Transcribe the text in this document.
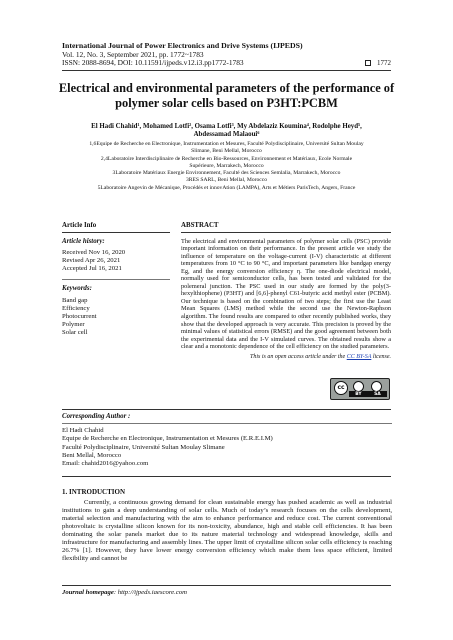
International Journal of Power Electronics and Drive Systems (IJPEDS)
Vol. 12, No. 3, September 2021, pp. 1772~1783
ISSN: 2088-8694, DOI: 10.11591/ijpeds.v12.i3.pp1772-1783	1772
Electrical and environmental parameters of the performance of
polymer solar cells based on P3HT:PCBM
El Hadi Chahid¹, Mohamed Lotfi², Osama Lotfi³, My Abdelaziz Koumina⁴, Rodolphe Heyd⁵,
Abdessamad Malaoui⁶
1,6Equipe de Recherche en Electronique, Instrumentation et Mesures, Faculté Polydisciplinaire, Université Sultan Moulay
Slimane, Beni Mellal, Morocco
2,4Laboratoire Interdisciplinaire de Recherche en Bio-Ressources, Environnement et Matériaux, Ecole Normale
Supérieure, Marrakech, Morocco
3Laboratoire Matériaux Energie Environnement, Faculté des Sciences Semlalia, Marrakech, Morocco
3RES SARL, Beni Mellal, Morocco
5Laboratoire Angevin de Mécanique, Procédés et innovAtion (LAMPA), Arts et Métiers ParisTech, Angers, France
Article Info
Article history:
Received Nov 16, 2020
Revised Apr 26, 2021
Accepted Jul 16, 2021
Keywords:
Band gap
Efficiency
Photocurrent
Polymer
Solar cell
ABSTRACT
The electrical and environmental parameters of polymer solar cells (PSC) provide important information on their performance. In the present article we study the influence of temperature on the voltage-current (I-V) characteristic at different temperatures from 10 °C to 90 °C, and important parameters like bandgap energy Eg, and the energy conversion efficiency η. The one-diode electrical model, normally used for semiconductor cells, has been tested and validated for the polemeral junction. The PSC used in our study are formed by the poly(3-hexylthiophene) (P3HT) and [6,6]-phenyl C61-butyric acid methyl ester (PCBM). Our technique is based on the combination of two steps; the first use the Least Mean Squares (LMS) method while the second use the Newton-Raphson algorithm. The found results are compared to other recently published works, they show that the developed approach is very accurate. This precision is proved by the minimal values of statistical errors (RMSE) and the good agreement between both the experimental data and the I-V simulated curves. The obtained results show a clear and a monotonic dependence of the cell efficiency on the studied parameters.
This is an open access article under the CC BY-SA license.
cc
BY	SA
Corresponding Author :
El Hadi Chahid
Equipe de Recherche en Electronique, Instrumentation et Mesures (E.R.E.I.M)
Faculté Polydisciplinaire, Université Sultan Moulay Slimane
Beni Mellal, Morocco
Email: chahid2016@yahoo.com
1. INTRODUCTION

Currently, a continuous growing demand for clean sustainable energy has pushed academic as well as industrial institutions to gain a deep understanding of solar cells. Much of today’s research focuses on the cells development, material selection and manufacturing with the aim to enhance performance and reduce cost. The current conventional photovoltaic is crystalline silicon known for its non-toxicity, abundance, high and stable cell efficiencies. It has been dominating the solar panels market due to its nature material technology and widespread knowledge, skills and infrastructure for manufacturing and assembly lines. The upper limit of crystalline silicon solar cells efficiency is reaching 26.7% [1]. However, they have lower energy conversion efficiency which make them less space efficient, limited flexibility and cannot be

Journal homepage: http://ijpeds.iaescore.com
